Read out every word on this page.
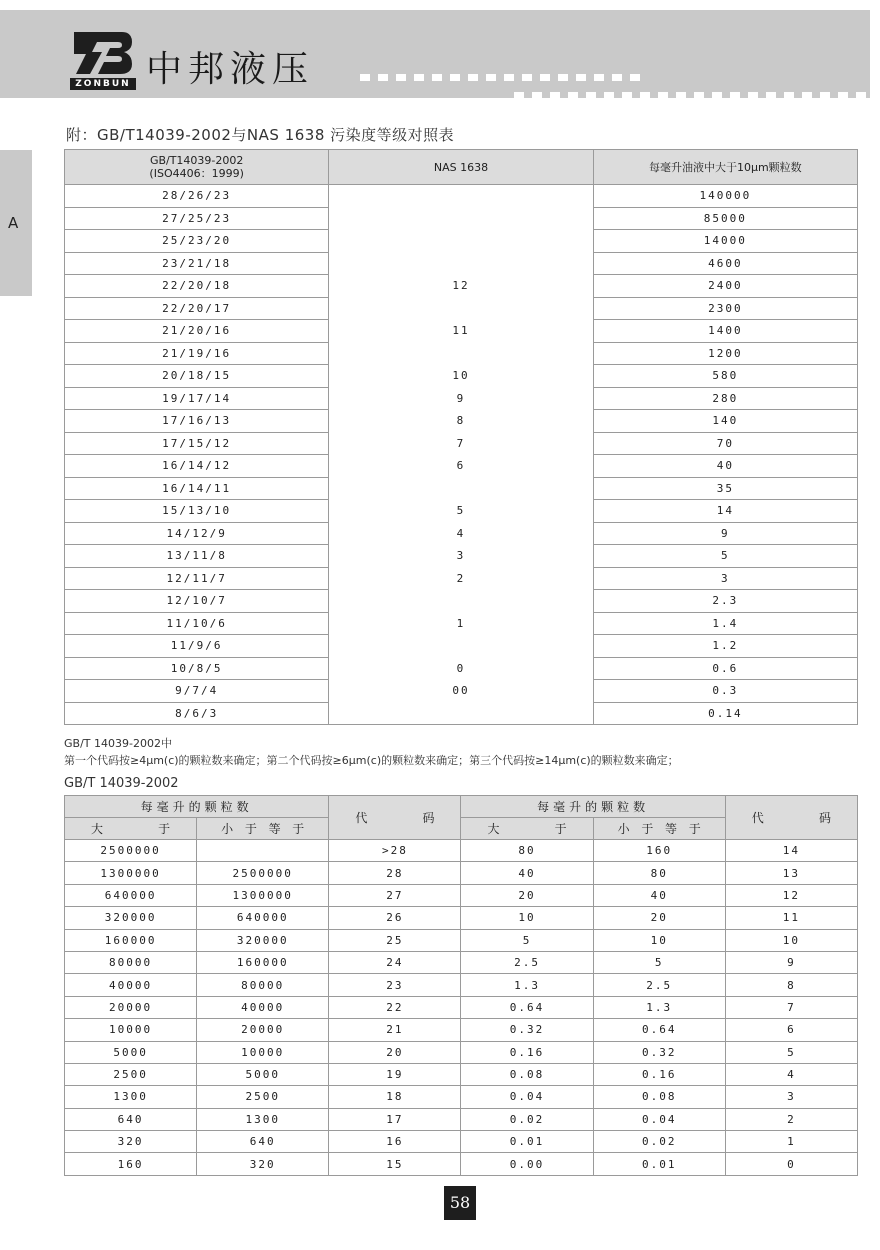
ZONBUN 中邦液压
A
附：GB/T14039-2002与NAS 1638 污染度等级对照表
GB/T14039-2002
(ISO4406：1999)	NAS 1638	每毫升油液中大于10μm颗粒数
28/26/23		140000
27/25/23		85000
25/23/20		14000
23/21/18		4600
22/20/18	12	2400
22/20/17		2300
21/20/16	11	1400
21/19/16		1200
20/18/15	10	580
19/17/14	9	280
17/16/13	8	140
17/15/12	7	70
16/14/12	6	40
16/14/11		35
15/13/10	5	14
14/12/9	4	9
13/11/8	3	5
12/11/7	2	3
12/10/7		2.3
11/10/6	1	1.4
11/9/6		1.2
10/8/5	0	0.6
9/7/4	00	0.3
8/6/3		0.14
GB/T 14039-2002中
第一个代码按≥4μm(c)的颗粒数来确定；第二个代码按≥6μm(c)的颗粒数来确定；第三个代码按≥14μm(c)的颗粒数来确定；
GB/T 14039-2002
每毫升的颗粒数		代 码	每毫升的颗粒数		代 码

大 于	小 于 等 于		大 于	小 于 等 于	

2500000		>28	80	160	14
1300000	2500000	28	40	80	13
640000	1300000	27	20	40	12
320000	640000	26	10	20	11
160000	320000	25	5	10	10
80000	160000	24	2.5	5	9
40000	80000	23	1.3	2.5	8
20000	40000	22	0.64	1.3	7
10000	20000	21	0.32	0.64	6
5000	10000	20	0.16	0.32	5
2500	5000	19	0.08	0.16	4
1300	2500	18	0.04	0.08	3
640	1300	17	0.02	0.04	2
320	640	16	0.01	0.02	1
160	320	15	0.00	0.01	0
58
